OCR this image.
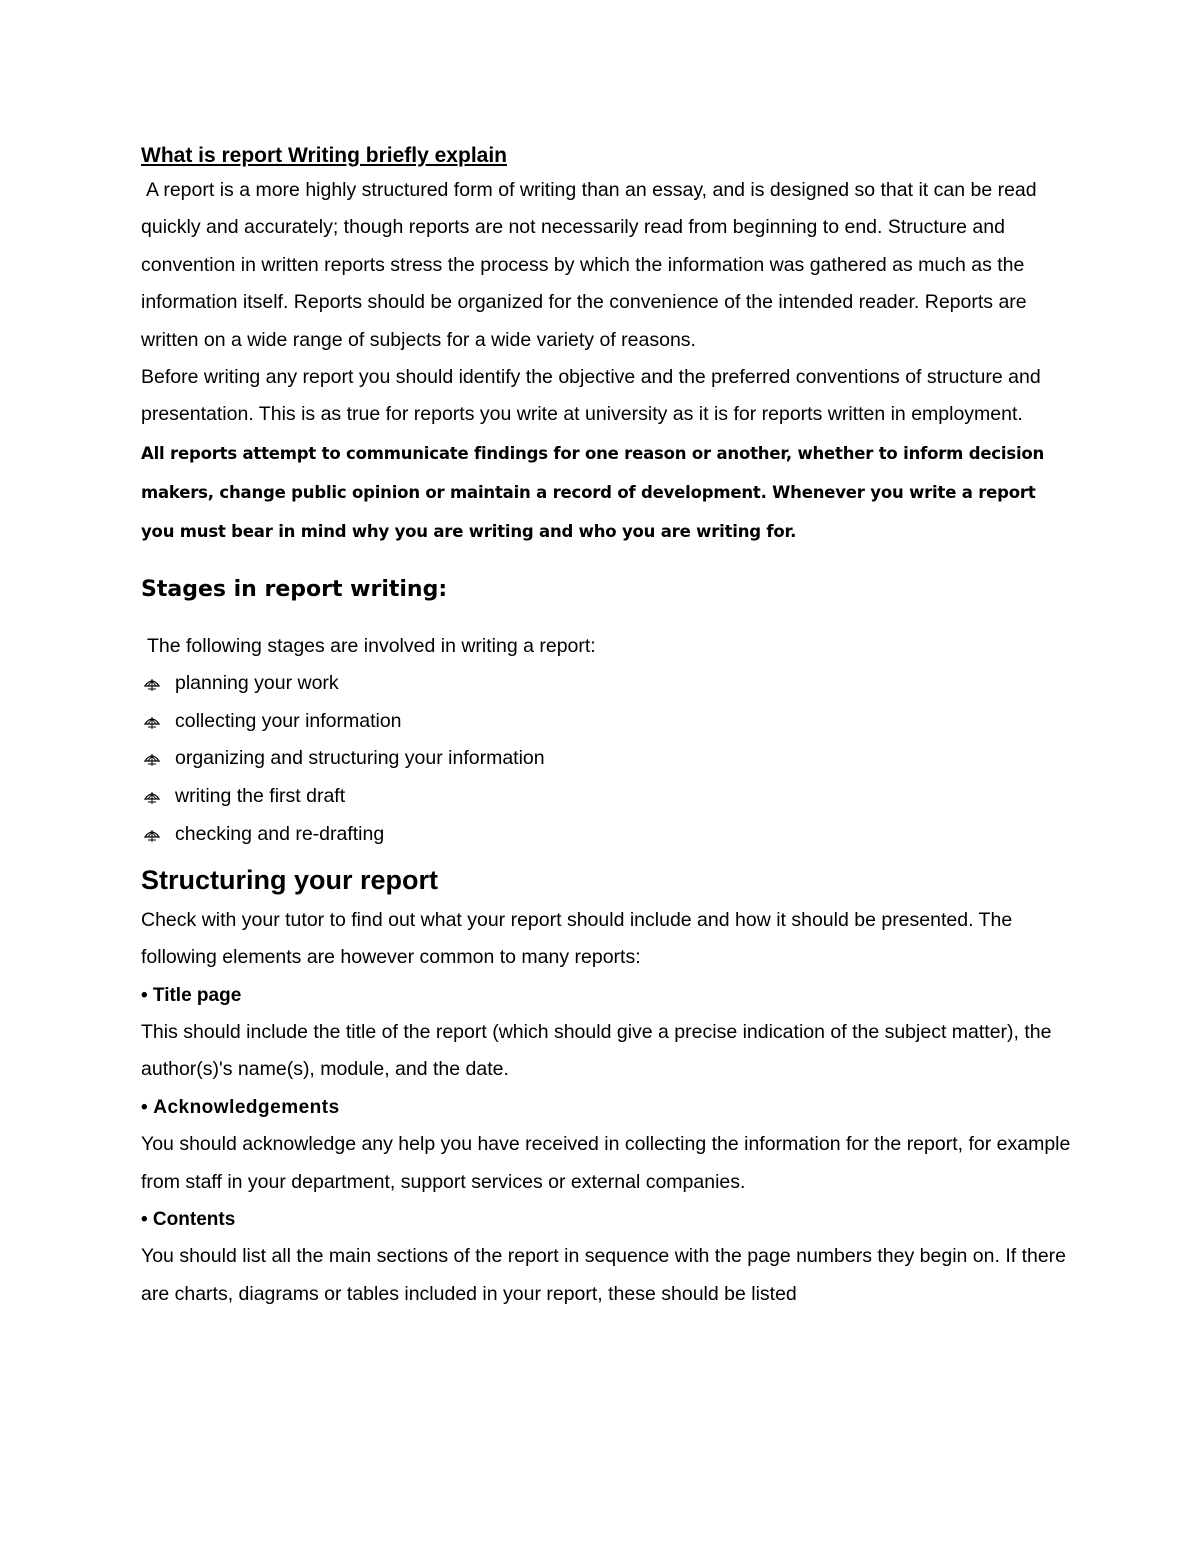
What is report Writing briefly explain

A report is a more highly structured form of writing than an essay, and is designed so that it can be read quickly and accurately; though reports are not necessarily read from beginning to end. Structure and convention in written reports stress the process by which the information was gathered as much as the information itself. Reports should be organized for the convenience of the intended reader. Reports are written on a wide range of subjects for a wide variety of reasons.

Before writing any report you should identify the objective and the preferred conventions of structure and presentation. This is as true for reports you write at university as it is for reports written in employment.

All reports attempt to communicate findings for one reason or another, whether to inform decision makers, change public opinion or maintain a record of development. Whenever you write a report you must bear in mind why you are writing and who you are writing for.

Stages in report writing:

The following stages are involved in writing a report:

planning your work
collecting your information
organizing and structuring your information
writing the first draft
checking and re-drafting
Structuring your report

Check with your tutor to find out what your report should include and how it should be presented. The following elements are however common to many reports:

• Title page

This should include the title of the report (which should give a precise indication of the subject matter), the author(s)'s name(s), module, and the date.

• Acknowledgements

You should acknowledge any help you have received in collecting the information for the report, for example from staff in your department, support services or external companies.

• Contents

You should list all the main sections of the report in sequence with the page numbers they begin on. If there are charts, diagrams or tables included in your report, these should be listed
